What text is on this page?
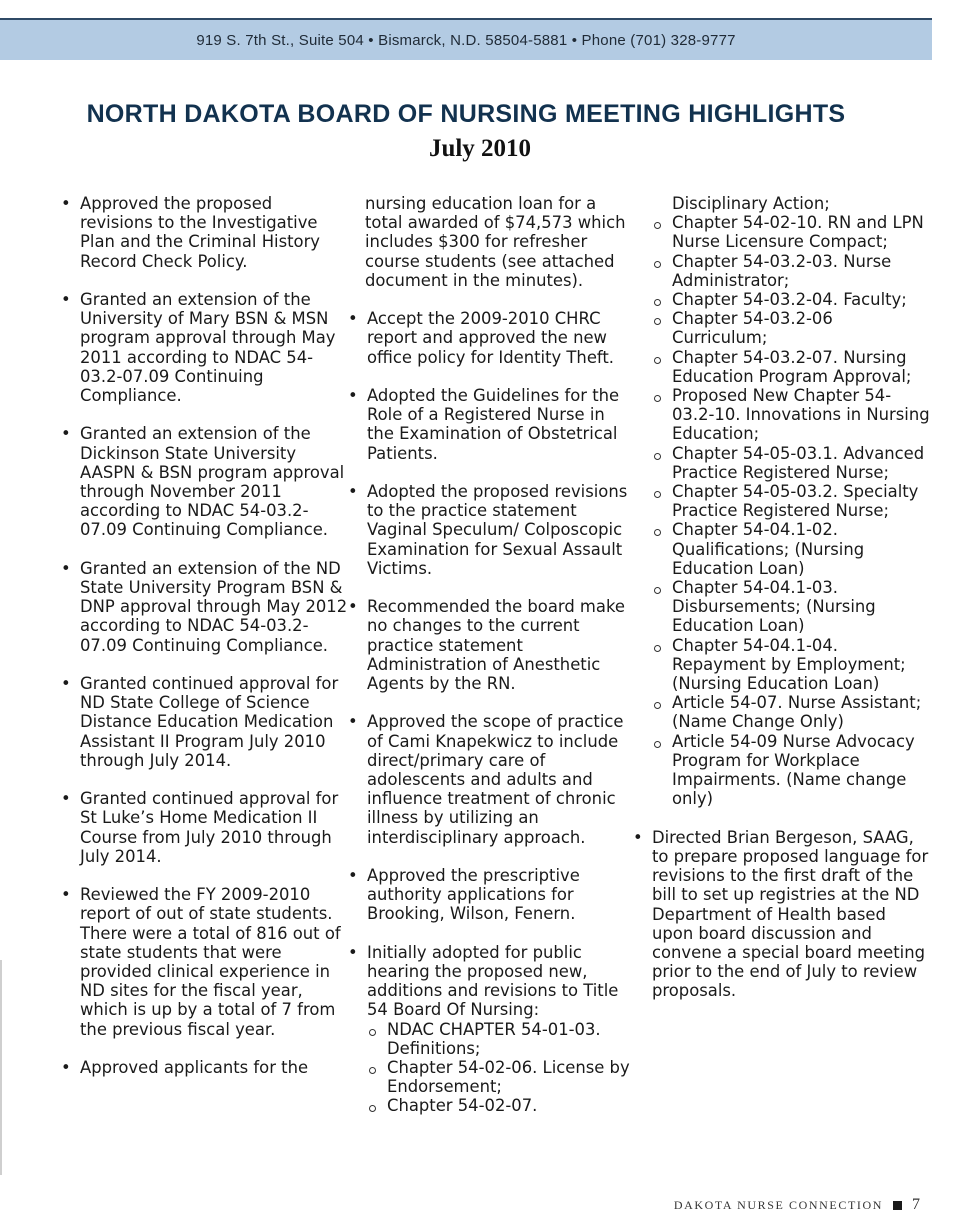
919 S. 7th St., Suite 504 • Bismarck, N.D. 58504-5881 • Phone (701) 328-9777
NORTH DAKOTA BOARD OF NURSING MEETING HIGHLIGHTS
July 2010
• Approved the proposed revisions to the Investigative Plan and the Criminal History Record Check Policy.
• Granted an extension of the University of Mary BSN & MSN program approval through May 2011 according to NDAC 54-03.2-07.09 Continuing Compliance.
• Granted an extension of the Dickinson State University AASPN & BSN program approval through November 2011 according to NDAC 54-03.2-07.09 Continuing Compliance.
• Granted an extension of the ND State University Program BSN & DNP approval through May 2012 according to NDAC 54-03.2-07.09 Continuing Compliance.
• Granted continued approval for ND State College of Science Distance Education Medication Assistant II Program July 2010 through July 2014.
• Granted continued approval for St Luke’s Home Medication II Course from July 2010 through July 2014.
• Reviewed the FY 2009-2010 report of out of state students. There were a total of 816 out of state students that were provided clinical experience in ND sites for the fiscal year, which is up by a total of 7 from the previous fiscal year.
• Approved applicants for the
nursing education loan for a total awarded of $74,573 which includes $300 for refresher course students (see attached document in the minutes).
• Accept the 2009-2010 CHRC report and approved the new office policy for Identity Theft.
• Adopted the Guidelines for the Role of a Registered Nurse in the Examination of Obstetrical Patients.
• Adopted the proposed revisions to the practice statement Vaginal Speculum/ Colposcopic Examination for Sexual Assault Victims.
• Recommended the board make no changes to the current practice statement Administration of Anesthetic Agents by the RN.
• Approved the scope of practice of Cami Knapekwicz to include direct/primary care of adolescents and adults and influence treatment of chronic illness by utilizing an interdisciplinary approach.
• Approved the prescriptive authority applications for Brooking, Wilson, Fenern.
• Initially adopted for public hearing the proposed new, additions and revisions to Title 54 Board Of Nursing:
NDAC CHAPTER 54-01-03. Definitions;
Chapter 54-02-06. License by Endorsement;
Chapter 54-02-07.
Disciplinary Action;
Chapter 54-02-10. RN and LPN Nurse Licensure Compact;
Chapter 54-03.2-03. Nurse Administrator;
Chapter 54-03.2-04. Faculty;
Chapter 54-03.2-06 Curriculum;
Chapter 54-03.2-07. Nursing Education Program Approval;
Proposed New Chapter 54-03.2-10. Innovations in Nursing Education;
Chapter 54-05-03.1. Advanced Practice Registered Nurse;
Chapter 54-05-03.2. Specialty Practice Registered Nurse;
Chapter 54-04.1-02. Qualifications; (Nursing Education Loan)
Chapter 54-04.1-03. Disbursements; (Nursing Education Loan)
Chapter 54-04.1-04. Repayment by Employment; (Nursing Education Loan)
Article 54-07. Nurse Assistant; (Name Change Only)
Article 54-09 Nurse Advocacy Program for Workplace Impairments. (Name change only)
• Directed Brian Bergeson, SAAG, to prepare proposed language for revisions to the first draft of the bill to set up registries at the ND Department of Health based upon board discussion and convene a special board meeting prior to the end of July to review proposals.
DAKOTA NURSE CONNECTION 7
